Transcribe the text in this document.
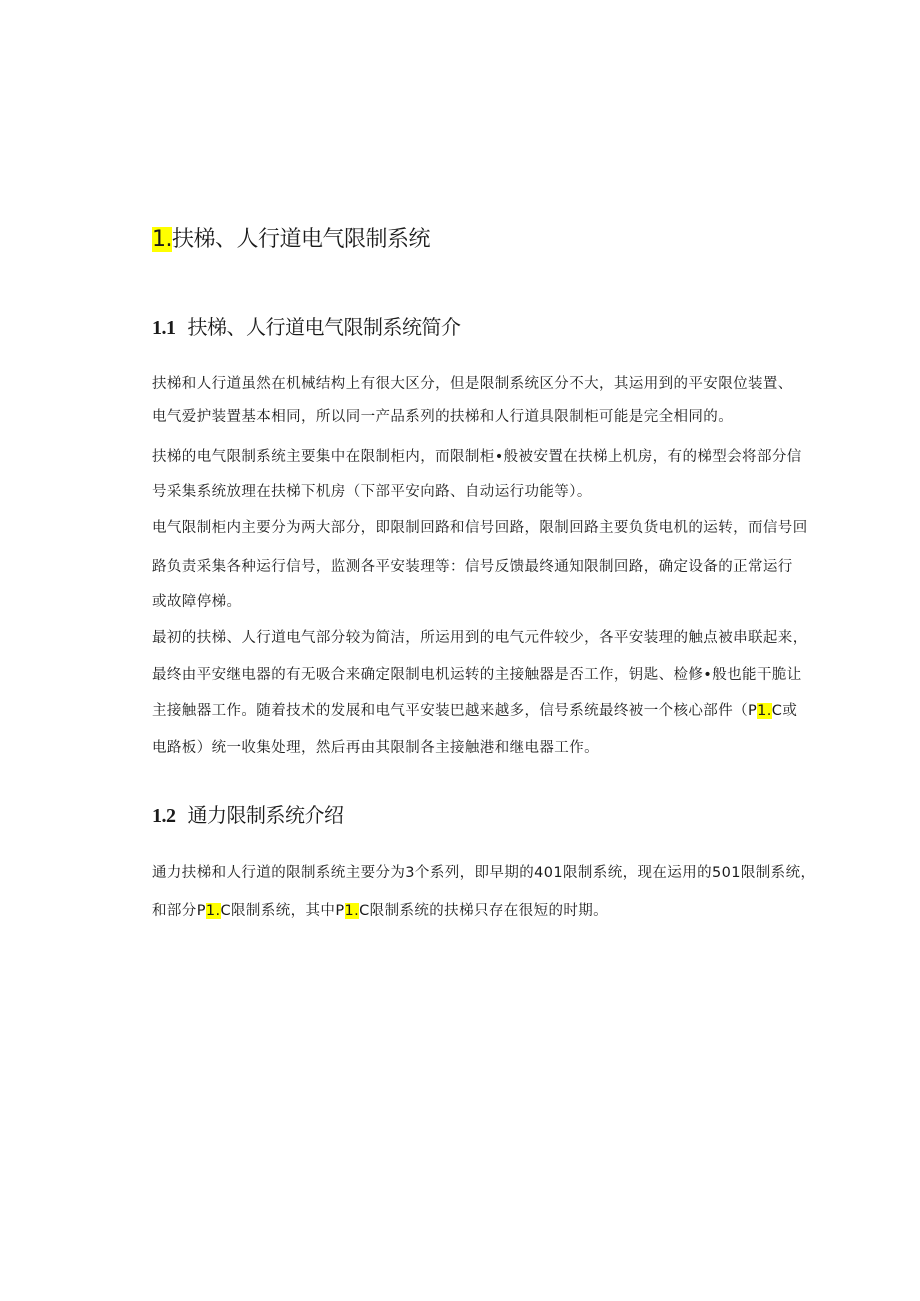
1.扶梯、人行道电气限制系统
1.1 扶梯、人行道电气限制系统简介
扶梯和人行道虽然在机械结构上有很大区分，但是限制系统区分不大，其运用到的平安限位装置、
电气爱护装置基本相同，所以同一产品系列的扶梯和人行道具限制柜可能是完全相同的。
扶梯的电气限制系统主要集中在限制柜内，而限制柜•般被安置在扶梯上机房，有的梯型会将部分信
号采集系统放理在扶梯下机房（下部平安向路、自动运行功能等）。
电气限制柜内主要分为两大部分，即限制回路和信号回路，限制回路主要负货电机的运转，而信号回
路负责采集各种运行信号，监测各平安装理等：信号反馈最终通知限制回路，确定设备的正常运行
或故障停梯。
最初的扶梯、人行道电气部分较为简洁，所运用到的电气元件较少，各平安装理的触点被串联起来，
最终由平安继电器的有无吸合来确定限制电机运转的主接触器是否工作，钥匙、检修•般也能干脆让
主接触器工作。随着技术的发展和电气平安装巴越来越多，信号系统最终被一个核心部件（P1.C或
电路板）统一收集处理，然后再由其限制各主接触港和继电器工作。
1.2 通力限制系统介绍
通力扶梯和人行道的限制系统主要分为3个系列，即早期的401限制系统，现在运用的501限制系统，
和部分P1.C限制系统，其中P1.C限制系统的扶梯只存在很短的时期。
